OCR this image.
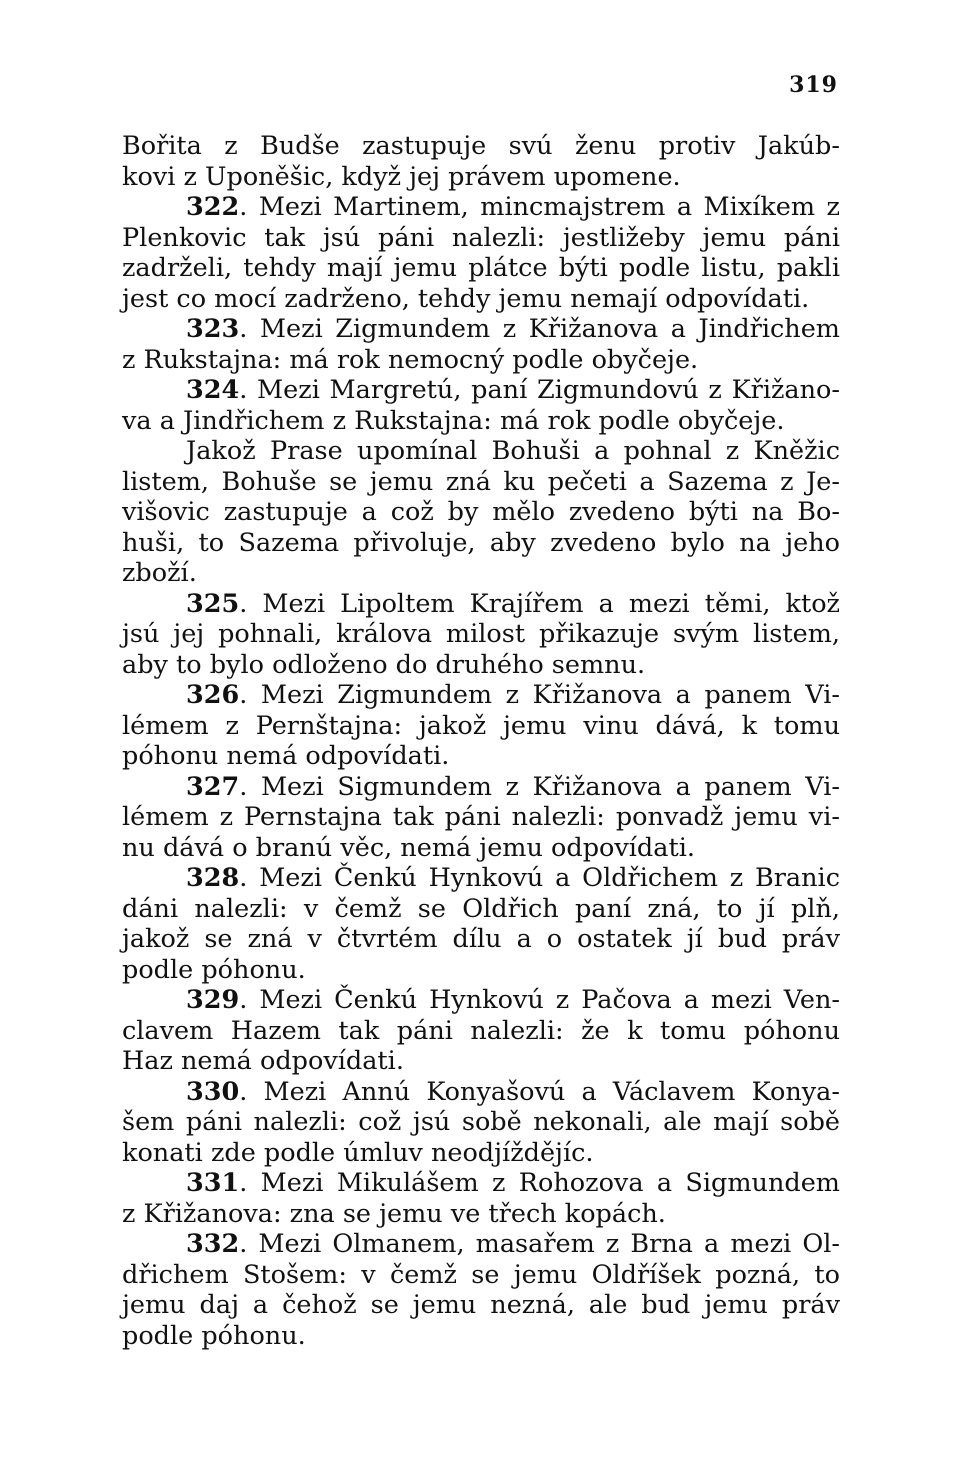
319
Bořita z Budše zastupuje svú ženu protiv Jakúb-
kovi z Uponěšic, když jej právem upomene.
322. Mezi Martinem, mincmajstrem a Mixíkem z
Plenkovic tak jsú páni nalezli: jestližeby jemu páni
zadrželi, tehdy mají jemu plátce býti podle listu, pakli
jest co mocí zadrženo, tehdy jemu nemají odpovídati.
323. Mezi Zigmundem z Křižanova a Jindřichem
z Rukstajna: má rok nemocný podle obyčeje.
324. Mezi Margretú, paní Zigmundovú z Křižano-
va a Jindřichem z Rukstajna: má rok podle obyčeje.
Jakož Prase upomínal Bohuši a pohnal z Kněžic
listem, Bohuše se jemu zná ku pečeti a Sazema z Je-
višovic zastupuje a což by mělo zvedeno býti na Bo-
huši, to Sazema přivoluje, aby zvedeno bylo na jeho
zboží.
325. Mezi Lipoltem Krajířem a mezi těmi, ktož
jsú jej pohnali, králova milost přikazuje svým listem,
aby to bylo odloženo do druhého semnu.
326. Mezi Zigmundem z Křižanova a panem Vi-
lémem z Pernštajna: jakož jemu vinu dává, k tomu
póhonu nemá odpovídati.
327. Mezi Sigmundem z Křižanova a panem Vi-
lémem z Pernstajna tak páni nalezli: ponvadž jemu vi-
nu dává o branú věc, nemá jemu odpovídati.
328. Mezi Čenkú Hynkovú a Oldřichem z Branic
dáni nalezli: v čemž se Oldřich paní zná, to jí plň,
jakož se zná v čtvrtém dílu a o ostatek jí bud práv
podle póhonu.
329. Mezi Čenkú Hynkovú z Pačova a mezi Ven-
clavem Hazem tak páni nalezli: že k tomu póhonu
Haz nemá odpovídati.
330. Mezi Annú Konyašovú a Václavem Konya-
šem páni nalezli: což jsú sobě nekonali, ale mají sobě
konati zde podle úmluv neodjíždějíc.
331. Mezi Mikulášem z Rohozova a Sigmundem
z Křižanova: zna se jemu ve třech kopách.
332. Mezi Olmanem, masařem z Brna a mezi Ol-
dřichem Stošem: v čemž se jemu Oldříšek pozná, to
jemu daj a čehož se jemu nezná, ale bud jemu práv
podle póhonu.
